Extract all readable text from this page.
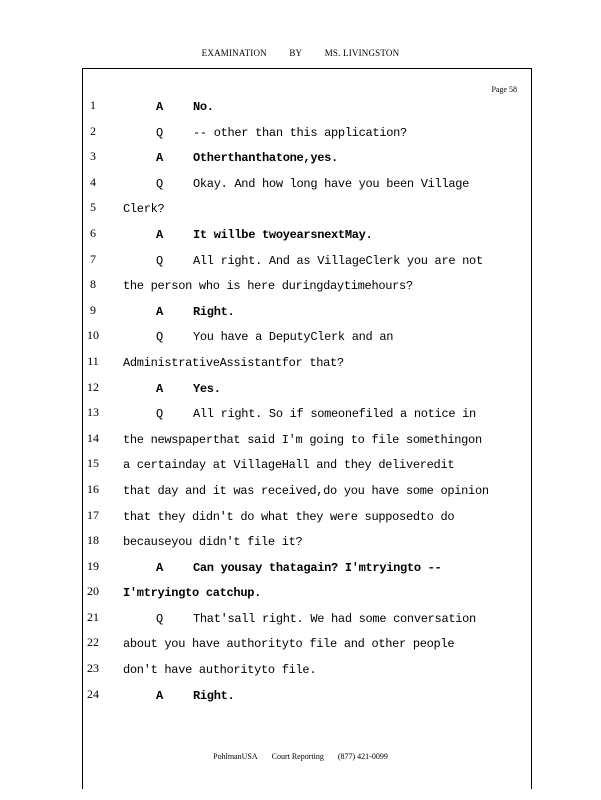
EXAMINATION BY MS. LIVINGSTON
Page 58
1	A No.
2	Q -- other than this application?
3	A Otherthanthatone,yes.
4	Q Okay. And how long have you been Village
5	Clerk?
6	A It willbe twoyearsnextMay.
7	Q All right. And as VillageClerk you are not
8	the person who is here duringdaytimehours?
9	A Right.
10	Q You have a DeputyClerk and an
11	AdministrativeAssistantfor that?
12	A Yes.
13	Q All right. So if someonefiled a notice in
14	the newspaperthat said I'm going to file somethingon
15	a certainday at VillageHall and they deliveredit
16	that day and it was received,do you have some opinion
17	that they didn't do what they were supposedto do
18	becauseyou didn't file it?
19	A Can yousay thatagain? I'mtryingto --
20	I'mtryingto catchup.
21	Q That'sall right. We had some conversation
22	about you have authorityto file and other people
23	don't have authorityto file.
24	A Right.
PohlmanUSA Court Reporting (877) 421-0099
